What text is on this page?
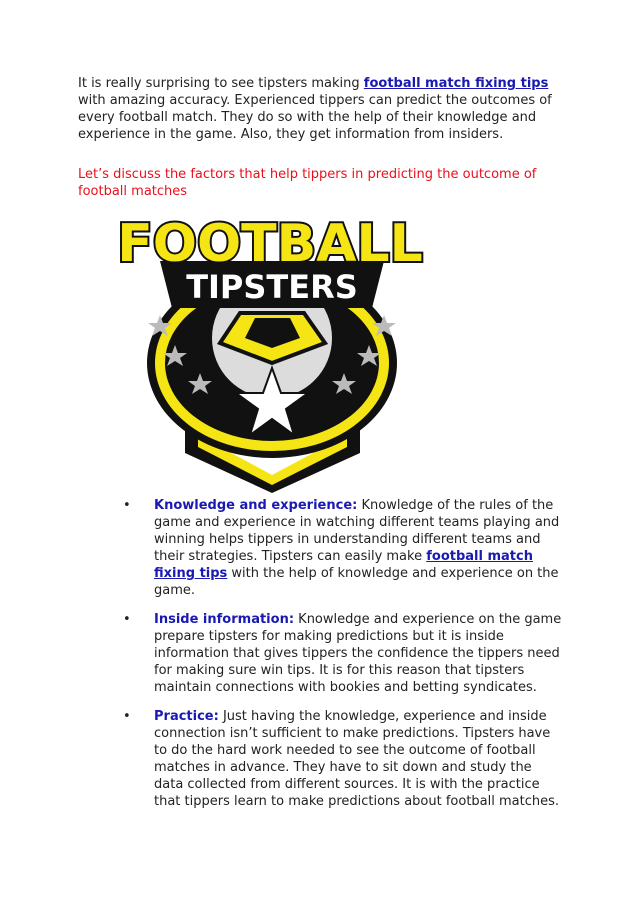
It is really surprising to see tipsters making football match fixing tips with amazing accuracy. Experienced tippers can predict the outcomes of every football match. They do so with the help of their knowledge and experience in the game. Also, they get information from insiders.

Let’s discuss the factors that help tippers in predicting the outcome of football matches

TIPSTERS
FOOTBALL
• Knowledge and experience: Knowledge of the rules of the game and experience in watching different teams playing and winning helps tippers in understanding different teams and their strategies. Tipsters can easily make football match fixing tips with the help of knowledge and experience on the game.
• Inside information: Knowledge and experience on the game prepare tipsters for making predictions but it is inside information that gives tippers the confidence the tippers need for making sure win tips. It is for this reason that tipsters maintain connections with bookies and betting syndicates.
• Practice: Just having the knowledge, experience and inside connection isn’t sufficient to make predictions. Tipsters have to do the hard work needed to see the outcome of football matches in advance. They have to sit down and study the data collected from different sources. It is with the practice that tippers learn to make predictions about football matches.
